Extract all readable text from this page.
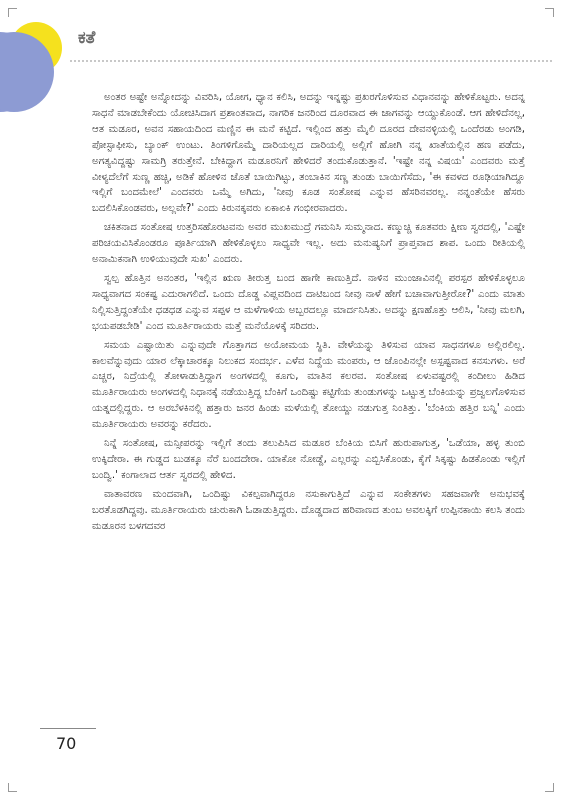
ಕತೆ

ಅಂತರ ಅಷ್ಟೇ ಅನ್ನೋದನ್ನು ವಿವರಿಸಿ, ಯೋಗ, ಧ್ಯಾನ ಕಲಿಸಿ, ಅದನ್ನು ಇನ್ನಷ್ಟು ಪ್ರಖರಗೊಳಿಸುವ ವಿಧಾನವನ್ನು ಹೇಳಿಕೊಟ್ಟರು. ಅದನ್ನ ಸಾಧನೆ ಮಾಡಬೇಕೆಂದು ಯೋಚಿಸಿದಾಗ ಪ್ರಶಾಂತವಾದ, ನಾಗರಿಕ ಜನರಿಂದ ದೂರವಾದ ಈ ಜಾಗವನ್ನು ಆಯ್ದುಕೊಂಡೆ. ಆಗ ಹೇಳಿದೆನಲ್ಲ, ಆತ ಮಡೂರ, ಅವನ ಸಹಾಯದಿಂದ ಮಣ್ಣಿನ ಈ ಮನೆ ಕಟ್ಟಿದೆ. ಇಲ್ಲಿಂದ ಹತ್ತು ಮೈಲಿ ದೂರದ ದೇವನಳ್ಳಿಯಲ್ಲಿ ಒಂದೆರಡು ಅಂಗಡಿ, ಪೋಸ್ಟಾಫೀಸು, ಬ್ಯಾಂಕ್ ಉಂಟು. ತಿಂಗಳಿಗೊಮ್ಮೆ ದಾರಿಯಲ್ಲದ ದಾರಿಯಲ್ಲಿ ಅಲ್ಲಿಗೆ ಹೋಗಿ ನನ್ನ ಖಾತೆಯಲ್ಲಿನ ಹಣ ಪಡೆದು, ಅಗತ್ಯವಿದ್ದಷ್ಟು ಸಾಮಗ್ರಿ ತರುತ್ತೇನೆ. ಬೇಕಿದ್ದಾಗ ಮಡೂರನಿಗೆ ಹೇಳಿದರೆ ತಂದುಕೊಡುತ್ತಾನೆ. 'ಇಷ್ಟೇ ನನ್ನ ವಿಷಯ' ಎಂದವರು ಮತ್ತೆ ವೀಳ್ಯದೆಲೆಗೆ ಸುಣ್ಣ ಹಚ್ಚಿ, ಅಡಿಕೆ ಹೋಳಿನ ಜೊತೆ ಬಾಯಿಗಿಟ್ಟು, ತಂಬಾಕಿನ ಸಣ್ಣ ತುಂಡು ಬಾಯಿಗೆಸೆದು, 'ಈ ಕವಳದ ರೂಢಿಯಾಗಿದ್ದೂ ಇಲ್ಲಿಗೆ ಬಂದಮೇಲೆ' ಎಂದವರು ಒಮ್ಮೆ ಅಗಿದು, 'ನೀವು ಕೂಡ ಸಂತೋಷ ಎನ್ನುವ ಹೆಸರಿನವರಲ್ಲ. ನನ್ನಂತೆಯೇ ಹೆಸರು ಬದಲಿಸಿಕೊಂಡವರು, ಅಲ್ಲವೇ?' ಎಂದು ಕಿರುನಕ್ಕವರು ಏಕಾಏಕಿ ಗಂಭೀರವಾದರು.

ಚಕಿತನಾದ ಸಂತೋಷ ಉತ್ತರಿಸಹೊರಟವನು ಅವರ ಮುಖಮುದ್ರೆ ಗಮನಿಸಿ ಸುಮ್ಮನಾದ. ಕಣ್ಮುಚ್ಚಿ ಕೂತವರು ಕ್ಷೀಣ ಸ್ವರದಲ್ಲಿ, 'ಎಷ್ಟೇ ಪರಿಚಯವಿಸಿಕೊಂಡರೂ ಪೂರ್ತಿಯಾಗಿ ಹೇಳಿಕೊಳ್ಳಲು ಸಾಧ್ಯವೇ ಇಲ್ಲ. ಅದು ಮನುಷ್ಯನಿಗೆ ಪ್ರಾಪ್ತವಾದ ಶಾಪ. ಒಂದು ರೀತಿಯಲ್ಲಿ ಅನಾಮಿಕನಾಗಿ ಉಳಿಯುವುದೇ ಸುಖ' ಎಂದರು.

ಸ್ವಲ್ಪ ಹೊತ್ತಿನ ಅನಂತರ, 'ಇಲ್ಲಿನ ಋಣ ತೀರುತ್ತ ಬಂದ ಹಾಗೇ ಕಾಣುತ್ತಿದೆ. ನಾಳಿನ ಮುಂಜಾವಿನಲ್ಲಿ ಪರಸ್ಪರ ಹೇಳಿಕೊಳ್ಳಲೂ ಸಾಧ್ಯವಾಗದ ಸಂಕಷ್ಟ ಎದುರಾಗಲಿದೆ. ಒಂದು ದೊಡ್ಡ ವಿಪ್ಲವದಿಂದ ದಾಟಿಬಂದ ನೀವು ನಾಳೆ ಹೇಗೆ ಬಚಾವಾಗುತ್ತೀರೋ?' ಎಂದು ಮಾತು ನಿಲ್ಲಿಸುತ್ತಿದ್ದಂತೆಯೇ ಧಡಧಡ ಎನ್ನುವ ಸಪ್ಪಳ ಆ ಮಳೆಗಾಳಿಯ ಅಬ್ಬರದಲ್ಲೂ ಮಾರ್ದನಿಸಿತು. ಅದನ್ನು ಕ್ಷಣಹೊತ್ತು ಆಲಿಸಿ, 'ನೀವು ಮಲಗಿ, ಭಯಪಡಬೇಡಿ' ಎಂದ ಮೂರ್ತಿರಾಯರು ಮತ್ತೆ ಮನೆಯೊಳಕ್ಕೆ ಸರಿದರು.

ಸಮಯ ಎಷ್ಟಾಯಿತು ಎನ್ನುವುದೇ ಗೊತ್ತಾಗದ ಅಯೋಮಯ ಸ್ಥಿತಿ. ವೇಳೆಯನ್ನು ತಿಳಿಸುವ ಯಾವ ಸಾಧನಗಳೂ ಅಲ್ಲಿರಲಿಲ್ಲ. ಕಾಲವೆನ್ನುವುದು ಯಾರ ಲೆಕ್ಕಾಚಾರಕ್ಕೂ ನಿಲುಕದ ಸಂದರ್ಭ. ಎಳೆವ ನಿದ್ದೆಯ ಮಂಪರು, ಆ ಜೊಂಪಿನಲ್ಲೇ ಅಸ್ಪಷ್ಟವಾದ ಕನಸುಗಳು. ಅರೆ ಎಚ್ಚರ, ನಿದ್ರೆಯಲ್ಲಿ ತೋಳಾಡುತ್ತಿದ್ದಾಗ ಅಂಗಳದಲ್ಲಿ ಕೂಗು, ಮಾತಿನ ಕಲರವ. ಸಂತೋಷ ಏಳುವಷ್ಟರಲ್ಲಿ ಕಂದೀಲು ಹಿಡಿದ ಮೂರ್ತಿರಾಯರು ಅಂಗಳದಲ್ಲಿ ನಿಧಾನಕ್ಕೆ ನಡೆಯುತ್ತಿದ್ದ ಬೆಂಕಿಗೆ ಒಂದಿಷ್ಟು ಕಟ್ಟಿಗೆಯ ತುಂಡುಗಳನ್ನು ಒಟ್ಟುತ್ತ ಬೆಂಕಿಯನ್ನು ಪ್ರಜ್ವಲಗೊಳಿಸುವ ಯತ್ನದಲ್ಲಿದ್ದರು. ಆ ಅರಬೆಳಕಿನಲ್ಲಿ ಹತ್ತಾರು ಜನರ ಹಿಂಡು ಮಳೆಯಲ್ಲಿ ತೋಯ್ದು ನಡುಗುತ್ತ ನಿಂತಿತ್ತು. 'ಬೆಂಕಿಯ ಹತ್ತಿರ ಬನ್ನಿ' ಎಂದು ಮೂರ್ತಿರಾಯರು ಅವರನ್ನು ಕರೆದರು.

ನಿನ್ನೆ ಸಂತೋಷ, ಮನ್ಸೀಪರನ್ನು ಇಲ್ಲಿಗೆ ತಂದು ತಲುಪಿಸಿದ ಮಡೂರ ಬೆಂಕಿಯ ಬಿಸಿಗೆ ಹುರುಪಾಗುತ್ತ, 'ಒಡೆಯಾ, ಹಳ್ಳ ತುಂಬಿ ಉಕ್ಕಿದೇರಾ. ಈ ಗುಡ್ಡದ ಬುಡಕ್ಕೂ ನೆರೆ ಬಂದದೇರಾ. ಯಾಕೋ ನೋಡ್ದೆ, ಎಲ್ಲರನ್ನು ಎಬ್ಬಿಸಿಕೊಂಡು, ಕೈಗೆ ಸಿಕ್ಕಷ್ಟು ಹಿಡಕೊಂಡು ಇಲ್ಲಿಗೆ ಬಂದ್ವಿ.' ಕಂಗಾಲಾದ ಆರ್ತ ಸ್ವರದಲ್ಲಿ ಹೇಳಿದ.

ವಾತಾವರಣ ಮಂದವಾಗಿ, ಒಂದಿಷ್ಟು ವಿಕಲ್ಪವಾಗಿದ್ದರೂ ನಸುಕಾಗುತ್ತಿದೆ ಎನ್ನುವ ಸಂಕೇತಗಳು ಸಹಜವಾಗೇ ಅನುಭವಕ್ಕೆ ಬರತೊಡಗಿದ್ದವು. ಮೂರ್ತಿರಾಯರು ಚುರುಕಾಗಿ ಓಡಾಡುತ್ತಿದ್ದರು. ದೊಡ್ಡದಾದ ಹರಿವಾಣದ ತುಂಬ ಅವಲಕ್ಕಿಗೆ ಉಪ್ಪಿನಕಾಯಿ ಕಲಸಿ ತಂದು ಮಡೂರನ ಬಳಗದವರ

70
